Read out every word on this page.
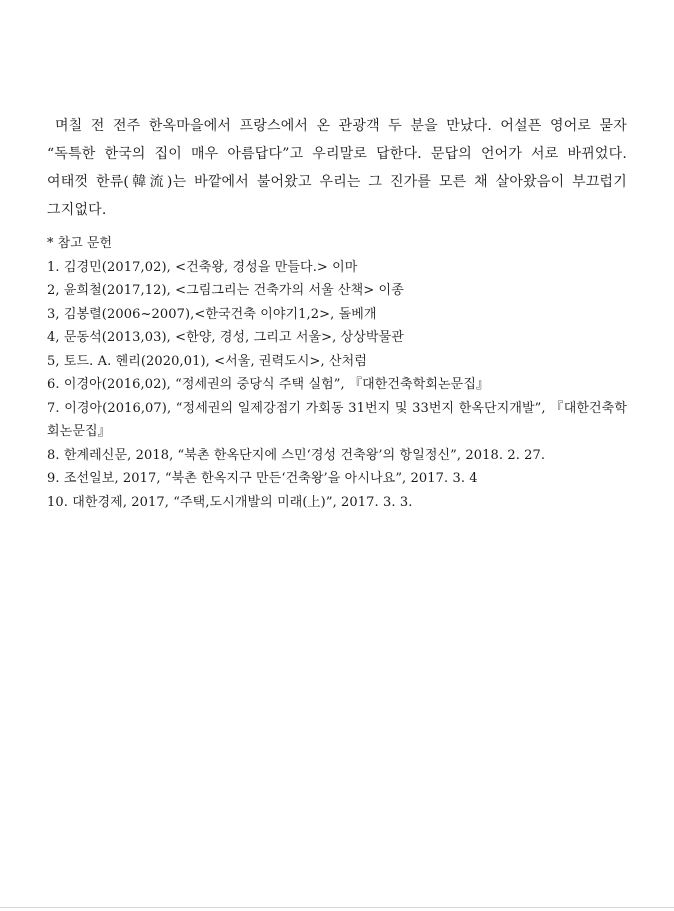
며칠 전 전주 한옥마을에서 프랑스에서 온 관광객 두 분을 만났다. 어설픈 영어로 묻자 “독특한 한국의 집이 매우 아름답다”고 우리말로 답한다. 문답의 언어가 서로 바뀌었다. 여태껏 한류(韓流)는 바깥에서 불어왔고 우리는 그 진가를 모른 채 살아왔음이 부끄럽기 그지없다.

* 참고 문헌
1. 김경민(2017,02), <건축왕, 경성을 만들다.> 이마
2, 윤희철(2017,12), <그림그리는 건축가의 서울 산책> 이종
3, 김봉렬(2006~2007),<한국건축 이야기1,2>, 돌베개
4, 문동석(2013,03), <한양, 경성, 그리고 서울>, 상상박물관
5, 토드. A. 헨리(2020,01), <서울, 권력도시>, 산처럼
6. 이경아(2016,02), “정세권의 중당식 주택 실험”, 『대한건축학회논문집』
7. 이경아(2016,07), “정세권의 일제강점기 가회동 31번지 및 33번지 한옥단지개발”, 『대한건축학회논문집』
8. 한계레신문, 2018, “북촌 한옥단지에 스민‘경성 건축왕’의 항일정신”, 2018. 2. 27.
9. 조선일보, 2017, “북촌 한옥지구 만든‘건축왕’을 아시나요”, 2017. 3. 4
10. 대한경제, 2017, “주택,도시개발의 미래(上)”, 2017. 3. 3.
